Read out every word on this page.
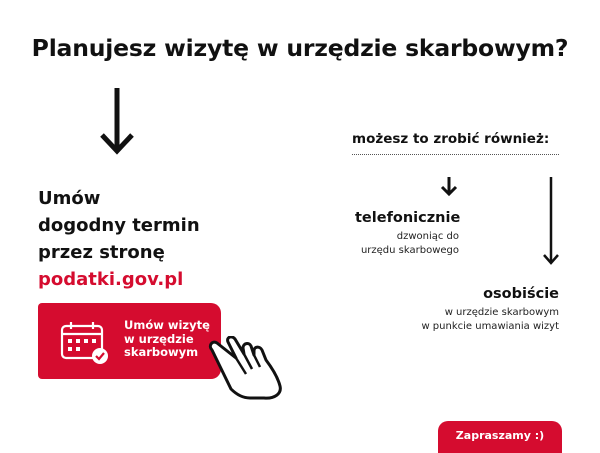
Planujesz wizytę w urzędzie skarbowym?
Umów
dogodny termin
przez stronę
podatki.gov.pl
Umów wizytę
w urzędzie
skarbowym
możesz to zrobić również:
telefonicznie
dzwoniąc do
urzędu skarbowego
osobiście
w urzędzie skarbowym
w punkcie umawiania wizyt
Zapraszamy :)
